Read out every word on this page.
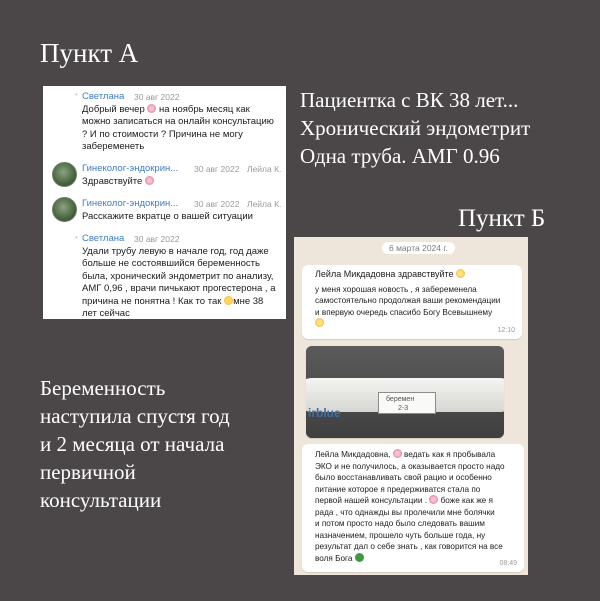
Пункт А
• Светлана 30 авг 2022
Добрый вечер на ноябрь месяц как
можно записаться на онлайн консультацию
? И по стоимости ? Причина не могу
забеременеть
Гинеколог-эндокрин... 30 авг 2022 Лейла К.
Здравствуйте
Гинеколог-эндокрин... 30 авг 2022 Лейла К.
Расскажите вкратце о вашей ситуации
• Светлана 30 авг 2022
Удали трубу левую в начале год, год даже
больше не состоявшийся беременность
была, хронический эндометрит по анализу,
АМГ 0,96 , врачи пичькают прогестерона , а
причина не понятна ! Как то так мне 38
лет сейчас
Пациентка с ВК 38 лет...
Хронический эндометрит
Одна труба. АМГ 0.96
Пункт Б
Беременность
наступила спустя год
и 2 месяца от начала
первичной
консультации
6 марта 2024 г.
Лейла Микдадовна здравствуйте
у меня хорошая новость , я забеременела
самостоятельно продолжая ваши рекомендации
и впервую очередь спасибо Богу Всевышнему

12:10
беремен
2-3
irblue
Лейла Микдадовна, ведать как я пробывала
ЭКО и не получилось, а оказывается просто надо
было восстанавливать свой рацио и особенно
питание которое я предерживатся стала по
первой нашей консультации . боже как же я
рада , что однажды вы пролечили мне болячки
и потом просто надо было следовать вашим
назначением, прошело чуть больше года, ну
результат дал о себе знать , как говорится на все
воля Бога
08:49
